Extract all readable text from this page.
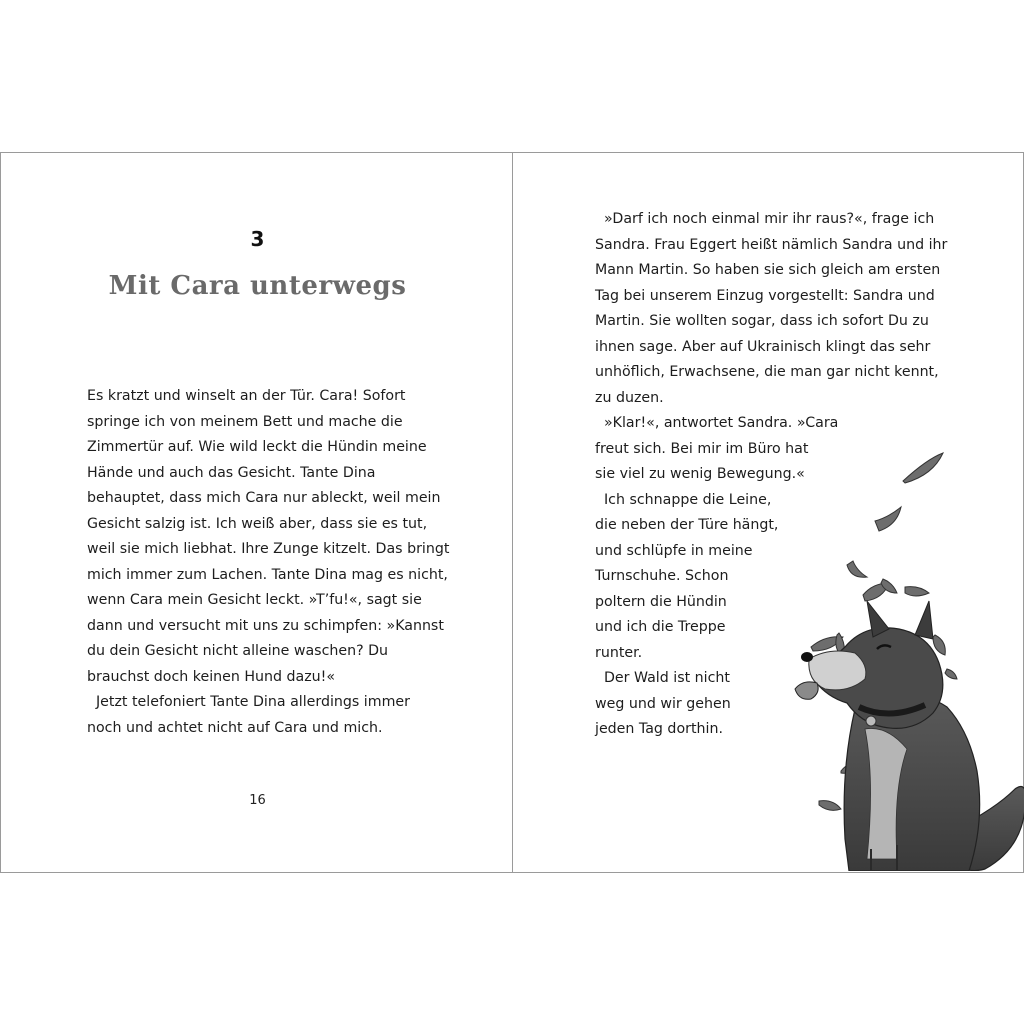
3
Mit Cara unterwegs
Es kratzt und winselt an der Tür. Cara! Sofort
springe ich von meinem Bett und mache die
Zimmertür auf. Wie wild leckt die Hündin meine
Hände und auch das Gesicht. Tante Dina
behauptet, dass mich Cara nur ableckt, weil mein
Gesicht salzig ist. Ich weiß aber, dass sie es tut,
weil sie mich liebhat. Ihre Zunge kitzelt. Das bringt
mich immer zum Lachen. Tante Dina mag es nicht,
wenn Cara mein Gesicht leckt. »T’fu!«, sagt sie
dann und versucht mit uns zu schimpfen: »Kannst
du dein Gesicht nicht alleine waschen? Du
brauchst doch keinen Hund dazu!«
Jetzt telefoniert Tante Dina allerdings immer
noch und achtet nicht auf Cara und mich.
16
»Darf ich noch einmal mir ihr raus?«, frage ich
Sandra. Frau Eggert heißt nämlich Sandra und ihr
Mann Martin. So haben sie sich gleich am ersten
Tag bei unserem Einzug vorgestellt: Sandra und
Martin. Sie wollten sogar, dass ich sofort Du zu
ihnen sage. Aber auf Ukrainisch klingt das sehr
unhöflich, Erwachsene, die man gar nicht kennt,
zu duzen.
»Klar!«, antwortet Sandra. »Cara
freut sich. Bei mir im Büro hat
sie viel zu wenig Bewegung.«
Ich schnappe die Leine,
die neben der Türe hängt,
und schlüpfe in meine
Turnschuhe. Schon
poltern die Hündin
und ich die Treppe
runter.
Der Wald ist nicht
weg und wir gehen
jeden Tag dorthin.
